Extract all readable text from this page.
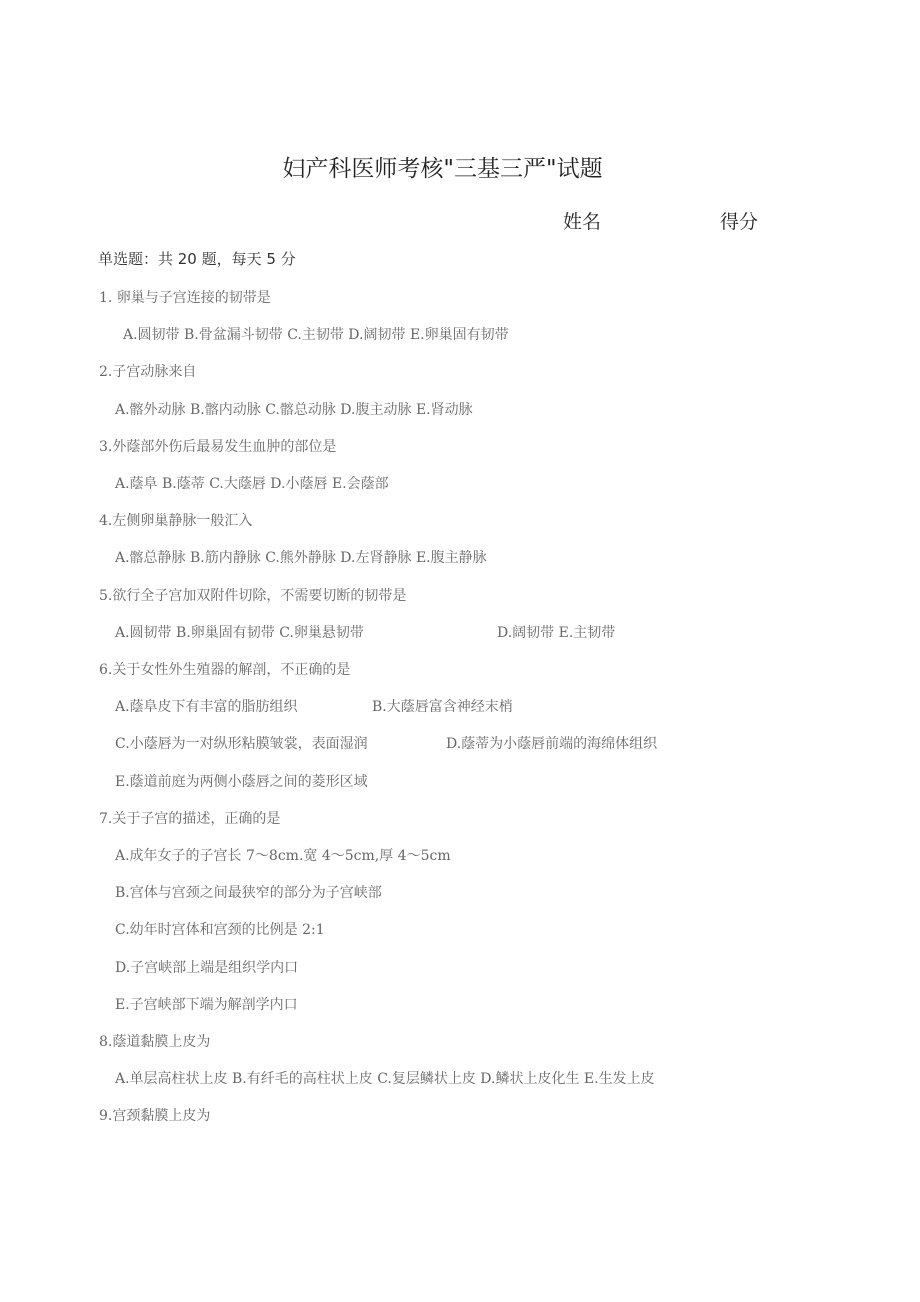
妇产科医师考核"三基三严"试题
姓名	得分
单选题：共 20 题，每天 5 分
1. 卵巢与子宫连接的韧带是
A.圆韧带 B.骨盆漏斗韧带 C.主韧带 D.阔韧带 E.卵巢固有韧带
2.子宫动脉来自
A.髂外动脉 B.髂内动脉 C.髂总动脉 D.腹主动脉 E.肾动脉
3.外蔭部外伤后最易发生血肿的部位是
A.蔭阜 B.蔭蒂 C.大蔭唇 D.小蔭唇 E.会蔭部
4.左侧卵巢静脉一般汇入
A.髂总静脉 B.筋内静脉 C.熊外静脉 D.左肾静脉 E.腹主静脉
5.欲行全子宫加双附件切除，不需要切断的韧带是
A.圆韧带 B.卵巢固有韧带 C.卵巢悬韧带	D.阔韧带 E.主韧带
6.关于女性外生殖器的解剖，不正确的是
A.蔭阜皮下有丰富的脂肪组织	B.大蔭唇富含神经末梢
C.小蔭唇为一对纵形粘膜皱裳，表面湿润	D.蔭蒂为小蔭唇前端的海绵体组织
E.蔭道前庭为两侧小蔭唇之间的菱形区域
7.关于子宫的描述，正确的是
A.成年女子的子宫长 7～8cm.宽 4～5cm,厚 4～5cm
B.宫体与宫颈之间最狭窄的部分为子宫峡部
C.幼年时宫体和宫颈的比例是 2:1
D.子宫峡部上端是组织学内口
E.子宫峡部下端为解剖学内口
8.蔭道黏膜上皮为
A.单层高柱状上皮 B.有纤毛的高柱状上皮 C.复层鳞状上皮 D.鳞状上皮化生 E.生发上皮
9.宫颈黏膜上皮为
